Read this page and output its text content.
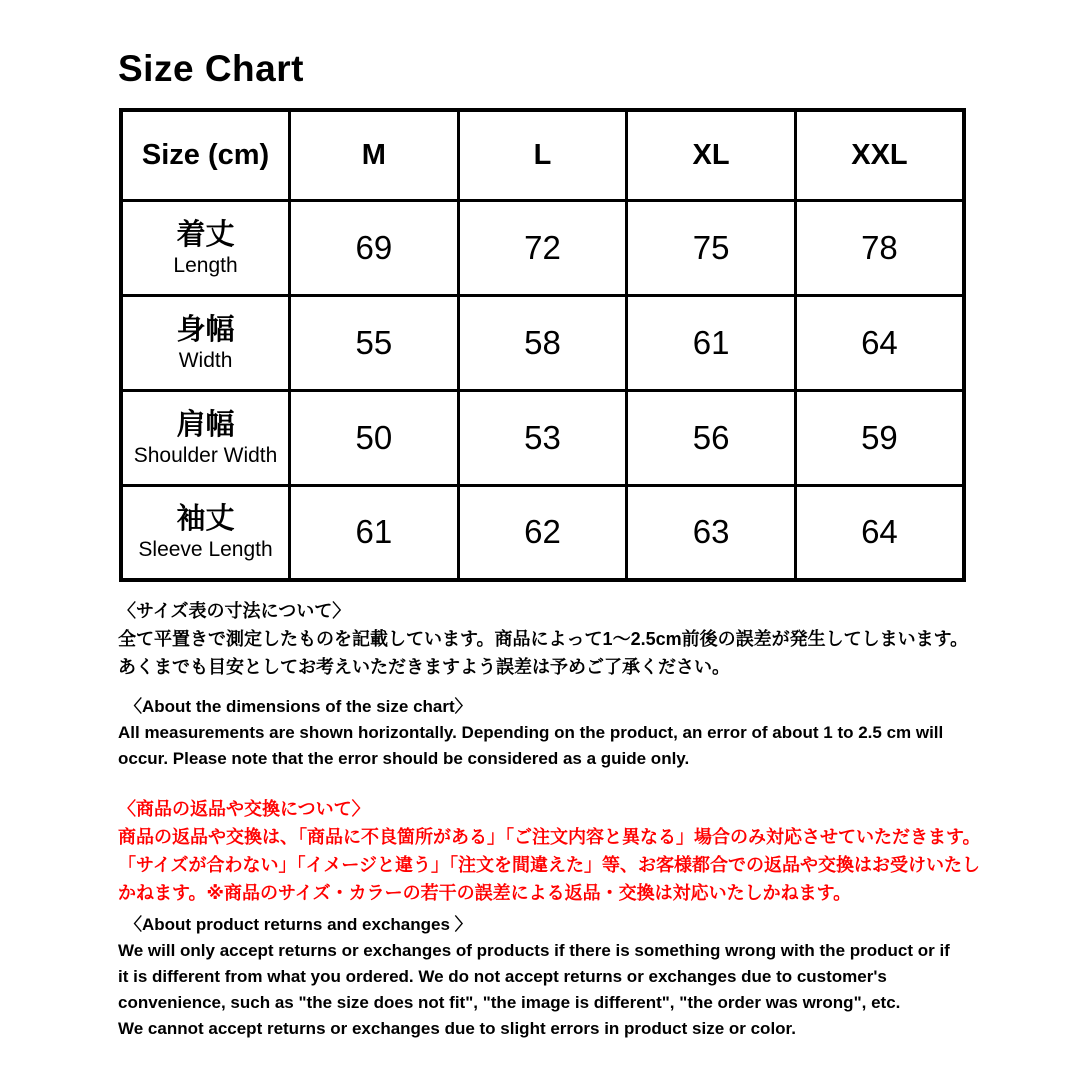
Size Chart
Size (cm)	M	L	XL	XXL

着丈
Length	69	72	75	78

身幅
Width	55	58	61	64

肩幅
Shoulder Width	50	53	56	59

袖丈
Sleeve Length	61	62	63	64
〈サイズ表の寸法について〉
全て平置きで測定したものを記載しています。商品によって1〜2.5cm前後の誤差が発生してしまいます。
あくまでも目安としてお考えいただきますよう誤差は予めご了承ください。
〈About the dimensions of the size chart〉
All measurements are shown horizontally. Depending on the product, an error of about 1 to 2.5 cm will
occur. Please note that the error should be considered as a guide only.
〈商品の返品や交換について〉
商品の返品や交換は、「商品に不良箇所がある」「ご注文内容と異なる」場合のみ対応させていただきます。
「サイズが合わない」「イメージと違う」「注文を間違えた」等、お客様都合での返品や交換はお受けいたし
かねます。※商品のサイズ・カラーの若干の誤差による返品・交換は対応いたしかねます。
〈About product returns and exchanges 〉
We will only accept returns or exchanges of products if there is something wrong with the product or if
it is different from what you ordered. We do not accept returns or exchanges due to customer's
convenience, such as "the size does not fit", "the image is different", "the order was wrong", etc.
We cannot accept returns or exchanges due to slight errors in product size or color.
